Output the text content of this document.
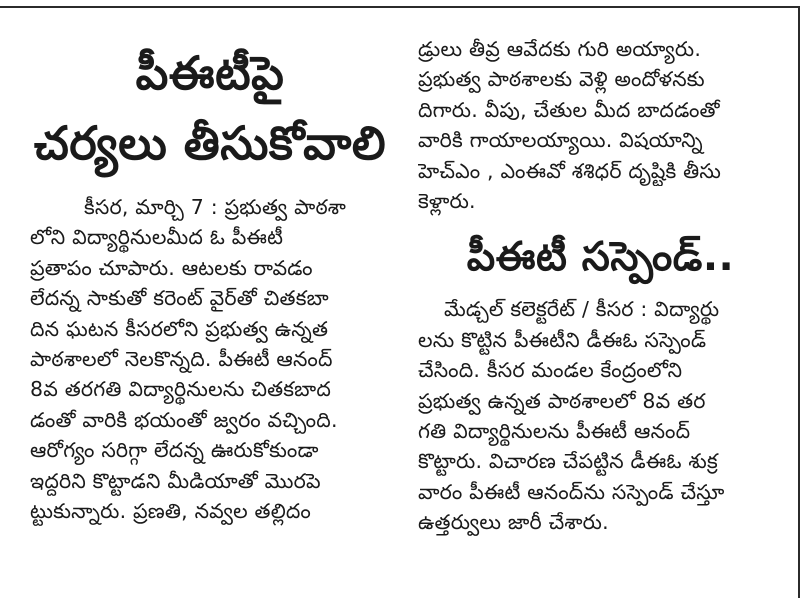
పీఈటీపై
చర్యలు తీసుకోవాలి
కీసర, మార్చి 7 : ప్రభుత్వ పాఠశా
లోని విద్యార్థినులమీద ఓ పీఈటీ
ప్రతాపం చూపారు. ఆటలకు రావడం
లేదన్న సాకుతో కరెంట్ వైర్‌తో చితకబా
దిన ఘటన కీసరలోని ప్రభుత్వ ఉన్నత
పాఠశాలలో నెలకొన్నది. పీఈటీ ఆనంద్
8వ తరగతి విద్యార్థినులను చితకబాద
డంతో వారికి భయంతో జ్వరం వచ్చింది.
ఆరోగ్యం సరిగ్గా లేదన్న ఊరుకోకుండా
ఇద్దరిని కొట్టాడని మీడియాతో మొరపె
ట్టుకున్నారు. ప్రణతి, నవ్వల తల్లిదం
డ్రులు తీవ్ర ఆవేదకు గురి అయ్యారు.
ప్రభుత్వ పాఠశాలకు వెళ్లి అందోళనకు
దిగారు. వీపు, చేతుల మీద బాదడంతో
వారికి గాయాలయ్యాయి. విషయాన్ని
హెచ్‌ఎం , ఎంఈవో శశిధర్ దృష్టికి తీసు
కెళ్లారు.
పీఈటీ సస్పెండ్..
మేడ్చల్ కలెక్టరేట్ / కీసర : విద్యార్థు
లను కొట్టిన పీఈటీని డీఈఓ సస్పెండ్
చేసింది. కీసర మండల కేంద్రంలోని
ప్రభుత్వ ఉన్నత పాఠశాలలో 8వ తర
గతి విద్యార్థినులను పీఈటీ ఆనంద్
కొట్టారు. విచారణ చేపట్టిన డీఈఓ శుక్ర
వారం పీఈటీ ఆనంద్‌ను సస్పెండ్ చేస్తూ
ఉత్తర్వులు జారీ చేశారు.
